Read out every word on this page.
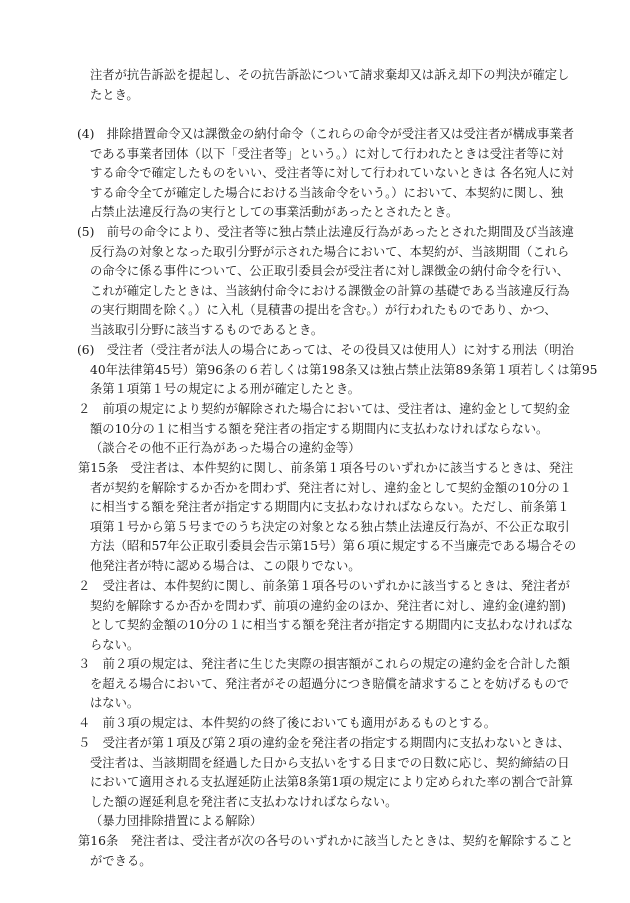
注者が抗告訴訟を提起し、その抗告訴訟について請求棄却又は訴え却下の判決が確定し
たとき。
(4)　排除措置命令又は課徴金の納付命令（これらの命令が受注者又は受注者が構成事業者
である事業者団体（以下「受注者等」という。）に対して行われたときは受注者等に対
する命令で確定したものをいい、受注者等に対して行われていないときは 各名宛人に対
する命令全てが確定した場合における当該命令をいう。）において、本契約に関し、独
占禁止法違反行為の実行としての事業活動があったとされたとき。
(5)　前号の命令により、受注者等に独占禁止法違反行為があったとされた期間及び当該違
反行為の対象となった取引分野が示された場合において、本契約が、当該期間（これら
の命令に係る事件について、公正取引委員会が受注者に対し課徴金の納付命令を行い、
これが確定したときは、当該納付命令における課徴金の計算の基礎である当該違反行為
の実行期間を除く。）に入札（見積書の提出を含む。）が行われたものであり、かつ、
当該取引分野に該当するものであるとき。
(6)　受注者（受注者が法人の場合にあっては、その役員又は使用人）に対する刑法（明治
40年法律第45号）第96条の６若しくは第198条又は独占禁止法第89条第１項若しくは第95
条第１項第１号の規定による刑が確定したとき。
２　前項の規定により契約が解除された場合においては、受注者は、違約金として契約金
額の10分の１に相当する額を発注者の指定する期間内に支払わなければならない。
（談合その他不正行為があった場合の違約金等）
第15条　受注者は、本件契約に関し、前条第１項各号のいずれかに該当するときは、発注
者が契約を解除するか否かを問わず、発注者に対し、違約金として契約金額の10分の１
に相当する額を発注者が指定する期間内に支払わなければならない。ただし、前条第１
項第１号から第５号までのうち決定の対象となる独占禁止法違反行為が、不公正な取引
方法（昭和57年公正取引委員会告示第15号）第６項に規定する不当廉売である場合その
他発注者が特に認める場合は、この限りでない。
２　受注者は、本件契約に関し、前条第１項各号のいずれかに該当するときは、発注者が
契約を解除するか否かを問わず、前項の違約金のほか、発注者に対し、違約金(違約罰)
として契約金額の10分の１に相当する額を発注者が指定する期間内に支払わなければな
らない。
３　前２項の規定は、発注者に生じた実際の損害額がこれらの規定の違約金を合計した額
を超える場合において、発注者がその超過分につき賠償を請求することを妨げるもので
はない。
４　前３項の規定は、本件契約の終了後においても適用があるものとする。
５　受注者が第１項及び第２項の違約金を発注者の指定する期間内に支払わないときは、
受注者は、当該期間を経過した日から支払いをする日までの日数に応じ、契約締結の日
において適用される支払遅延防止法第8条第1項の規定により定められた率の割合で計算
した額の遅延利息を発注者に支払わなければならない。
（暴力団排除措置による解除）
第16条　発注者は、受注者が次の各号のいずれかに該当したときは、契約を解除すること
ができる。
